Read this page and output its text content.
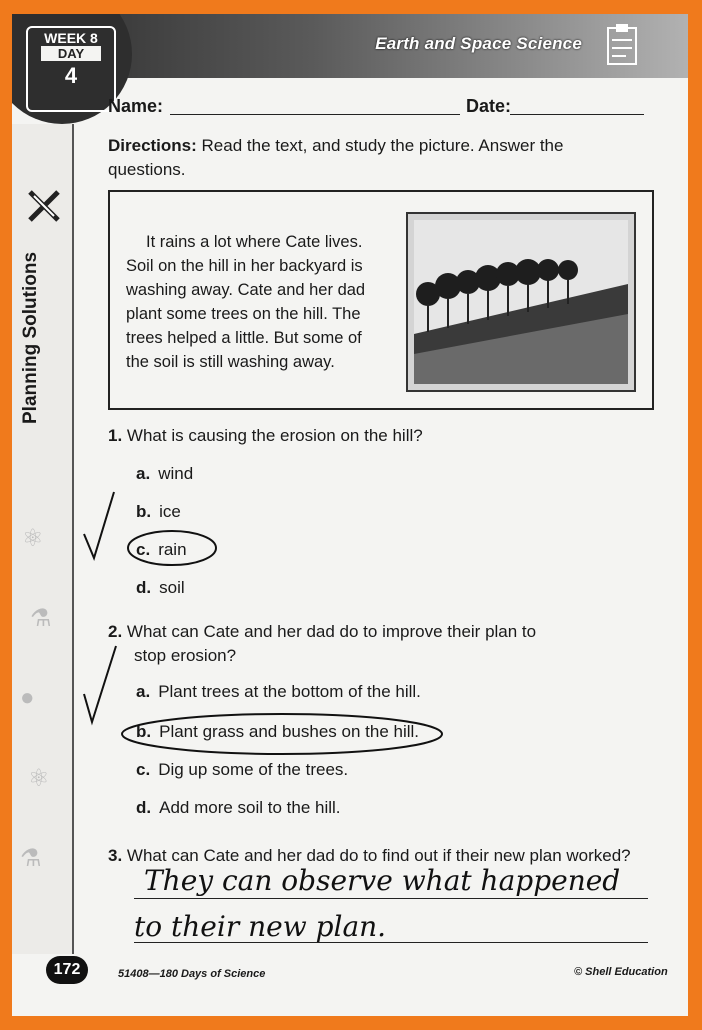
Earth and Space Science
WEEK 8
DAY
4
Planning Solutions
⚛
⚗
●
⚛
⚗
Name:	Date:
Directions: Read the text, and study the picture. Answer the
questions.
It rains a lot where Cate lives.
Soil on the hill in her backyard is
washing away. Cate and her dad
plant some trees on the hill. The
trees helped a little. But some of
the soil is still washing away.
1. What is causing the erosion on the hill?
a. wind
b. ice
c. rain
d. soil
2. What can Cate and her dad do to improve their plan to
stop erosion?
a. Plant trees at the bottom of the hill.
b. Plant grass and bushes on the hill.
c. Dig up some of the trees.
d. Add more soil to the hill.
3. What can Cate and her dad do to find out if their new plan worked?
They can observe what happened
to their new plan.
172	51408—180 Days of Science	© Shell Education
